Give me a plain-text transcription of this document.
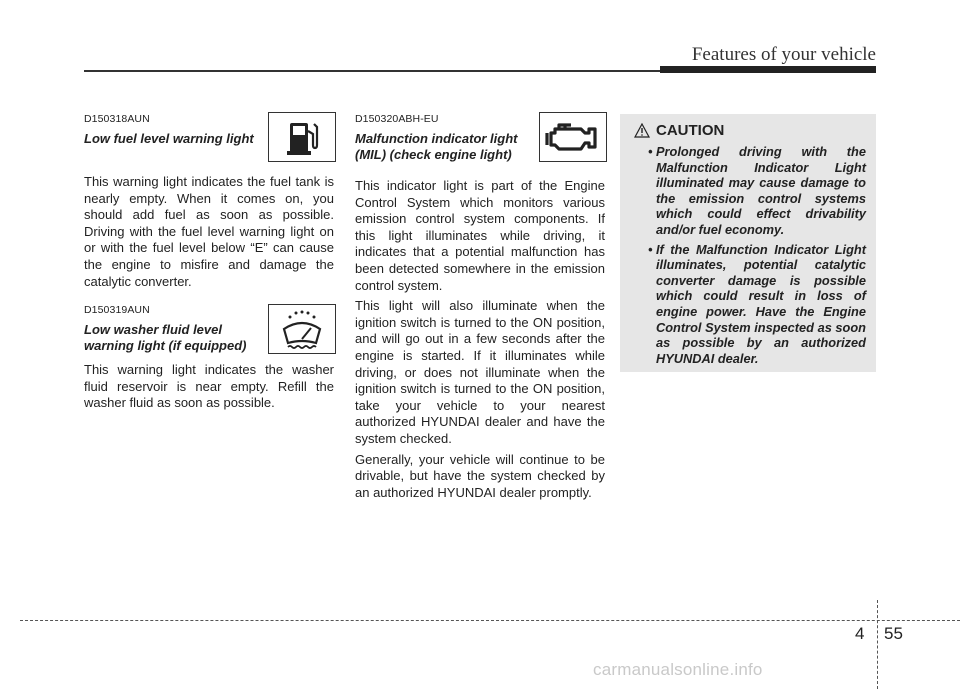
Features of your vehicle
D150318AUN
Low fuel level warning light

This warning light indicates the fuel tank is nearly empty. When it comes on, you should add fuel as soon as possible. Driving with the fuel level warning light on or with the fuel level below “E” can cause the engine to misfire and damage the catalytic converter.

D150319AUN
Low washer fluid level
warning light (if equipped)

This warning light indicates the washer fluid reservoir is near empty. Refill the washer fluid as soon as possible.

D150320ABH-EU
Malfunction indicator light
(MIL) (check engine light)

This indicator light is part of the Engine Control System which monitors various emission control system components. If this light illuminates while driving, it indicates that a potential malfunction has been detected somewhere in the emission control system.

This light will also illuminate when the ignition switch is turned to the ON position, and will go out in a few seconds after the engine is started. If it illuminates while driving, or does not illuminate when the ignition switch is turned to the ON position, take your vehicle to your nearest authorized HYUNDAI dealer and have the system checked.

Generally, your vehicle will continue to be drivable, but have the system checked by an authorized HYUNDAI dealer promptly.

CAUTION
• Prolonged driving with the Malfunction Indicator Light illuminated may cause damage to the emission control systems which could effect drivability and/or fuel economy.
• If the Malfunction Indicator Light illuminates, potential catalytic converter damage is possible which could result in loss of engine power. Have the Engine Control System inspected as soon as possible by an authorized HYUNDAI dealer.
4 55
carmanualsonline.info
